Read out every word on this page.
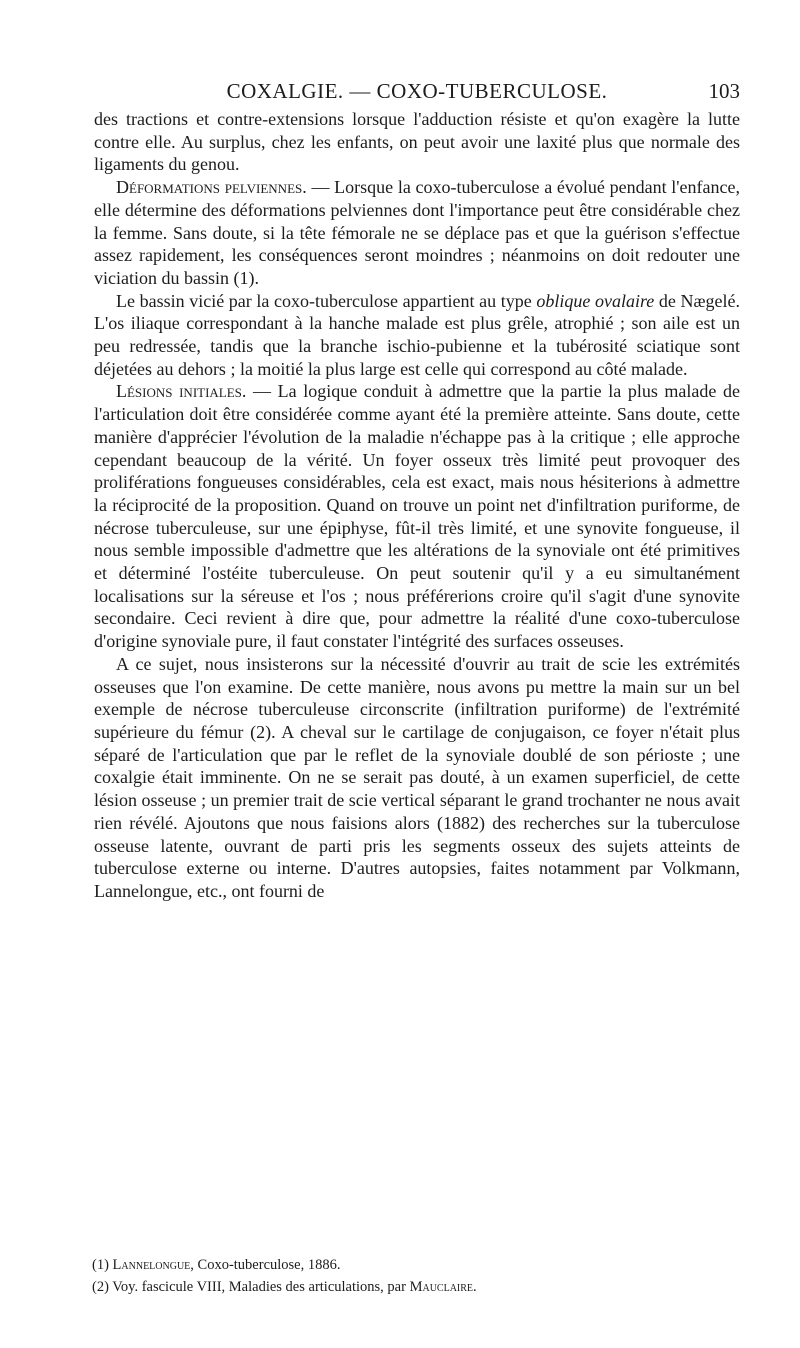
COXALGIE. — COXO-TUBERCULOSE.	103

des tractions et contre-extensions lorsque l'adduction résiste et qu'on exagère la lutte contre elle. Au surplus, chez les enfants, on peut avoir une laxité plus que normale des ligaments du genou.

Déformations pelviennes. — Lorsque la coxo-tuberculose a évolué pendant l'enfance, elle détermine des déformations pelviennes dont l'importance peut être considérable chez la femme. Sans doute, si la tête fémorale ne se déplace pas et que la guérison s'effectue assez rapidement, les conséquences seront moindres ; néanmoins on doit redouter une viciation du bassin (1).

Le bassin vicié par la coxo-tuberculose appartient au type oblique ovalaire de Nægelé. L'os iliaque correspondant à la hanche malade est plus grêle, atrophié ; son aile est un peu redressée, tandis que la branche ischio-pubienne et la tubérosité sciatique sont déjetées au dehors ; la moitié la plus large est celle qui correspond au côté malade.

Lésions initiales. — La logique conduit à admettre que la partie la plus malade de l'articulation doit être considérée comme ayant été la première atteinte. Sans doute, cette manière d'apprécier l'évolution de la maladie n'échappe pas à la critique ; elle approche cependant beaucoup de la vérité. Un foyer osseux très limité peut provoquer des proliférations fongueuses considérables, cela est exact, mais nous hésiterions à admettre la réciprocité de la proposition. Quand on trouve un point net d'infiltration puriforme, de nécrose tuberculeuse, sur une épiphyse, fût-il très limité, et une synovite fongueuse, il nous semble impossible d'admettre que les altérations de la synoviale ont été primitives et déterminé l'ostéite tuberculeuse. On peut soutenir qu'il y a eu simultanément localisations sur la séreuse et l'os ; nous préférerions croire qu'il s'agit d'une synovite secondaire. Ceci revient à dire que, pour admettre la réalité d'une coxo-tuberculose d'origine synoviale pure, il faut constater l'intégrité des surfaces osseuses.

A ce sujet, nous insisterons sur la nécessité d'ouvrir au trait de scie les extrémités osseuses que l'on examine. De cette manière, nous avons pu mettre la main sur un bel exemple de nécrose tuberculeuse circonscrite (infiltration puriforme) de l'extrémité supérieure du fémur (2). A cheval sur le cartilage de conjugaison, ce foyer n'était plus séparé de l'articulation que par le reflet de la synoviale doublé de son périoste ; une coxalgie était imminente. On ne se serait pas douté, à un examen superficiel, de cette lésion osseuse ; un premier trait de scie vertical séparant le grand trochanter ne nous avait rien révélé. Ajoutons que nous faisions alors (1882) des recherches sur la tuberculose osseuse latente, ouvrant de parti pris les segments osseux des sujets atteints de tuberculose externe ou interne. D'autres autopsies, faites notamment par Volkmann, Lannelongue, etc., ont fourni de

(1) Lannelongue, Coxo-tuberculose, 1886.
(2) Voy. fascicule VIII, Maladies des articulations, par Mauclaire.
